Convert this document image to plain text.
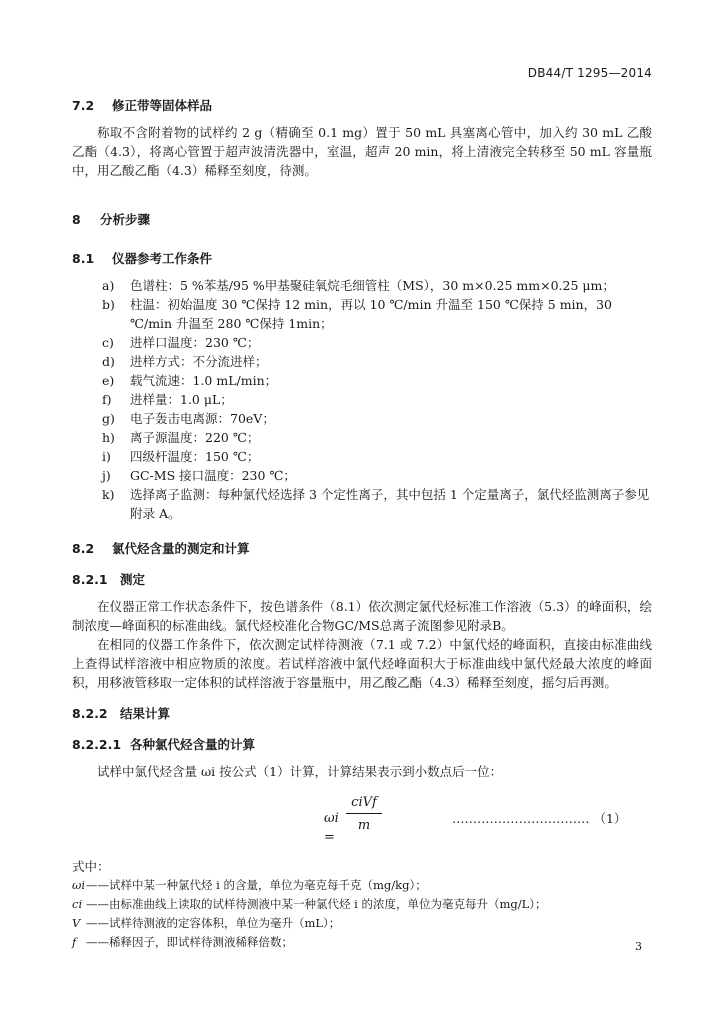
DB44/T 1295—2014
7.2 修正带等固体样品

称取不含附着物的试样约 2 g（精确至 0.1 mg）置于 50 mL 具塞离心管中，加入约 30 mL 乙酸乙酯（4.3），将离心管置于超声波清洗器中，室温，超声 20 min，将上清液完全转移至 50 mL 容量瓶中，用乙酸乙酯（4.3）稀释至刻度，待测。

8 分析步骤
8.1 仪器参考工作条件
a)	色谱柱：5 %苯基/95 %甲基聚硅氧烷毛细管柱（MS），30 m×0.25 mm×0.25 μm；
b)	柱温：初始温度 30 ℃保持 12 min，再以 10 ℃/min 升温至 150 ℃保持 5 min，30 ℃/min 升温至 280 ℃保持 1min；
c)	进样口温度：230 ℃；
d)	进样方式：不分流进样；
e)	载气流速：1.0 mL/min；
f)	进样量：1.0 μL；
g)	电子轰击电离源：70eV；
h)	离子源温度：220 ℃；
i)	四级杆温度：150 ℃；
j)	GC-MS 接口温度：230 ℃；
k)	选择离子监测：每种氯代烃选择 3 个定性离子，其中包括 1 个定量离子，氯代烃监测离子参见附录 A。
8.2 氯代烃含量的测定和计算
8.2.1 测定

在仪器正常工作状态条件下，按色谱条件（8.1）依次测定氯代烃标准工作溶液（5.3）的峰面积，绘制浓度—峰面积的标准曲线。氯代烃校准化合物GC/MS总离子流图参见附录B。

在相同的仪器工作条件下，依次测定试样待测液（7.1 或 7.2）中氯代烃的峰面积，直接由标准曲线上查得试样溶液中相应物质的浓度。若试样溶液中氯代烃峰面积大于标准曲线中氯代烃最大浓度的峰面积，用移液管移取一定体积的试样溶液于容量瓶中，用乙酸乙酯（4.3）稀释至刻度，摇匀后再测。

8.2.2 结果计算
8.2.2.1 各种氯代烃含量的计算

试样中氯代烃含量 ωi 按公式（1）计算，计算结果表示到小数点后一位：

ωi =
ciVf
m	…………………………… （1）
式中：
ωi —— 试样中某一种氯代烃 i 的含量，单位为毫克每千克（mg/kg）；
ci —— 由标准曲线上读取的试样待测液中某一种氯代烃 i 的浓度，单位为毫克每升（mg/L）；
V —— 试样待测液的定容体积，单位为毫升（mL）；
f —— 稀释因子，即试样待测液稀释倍数；	3
